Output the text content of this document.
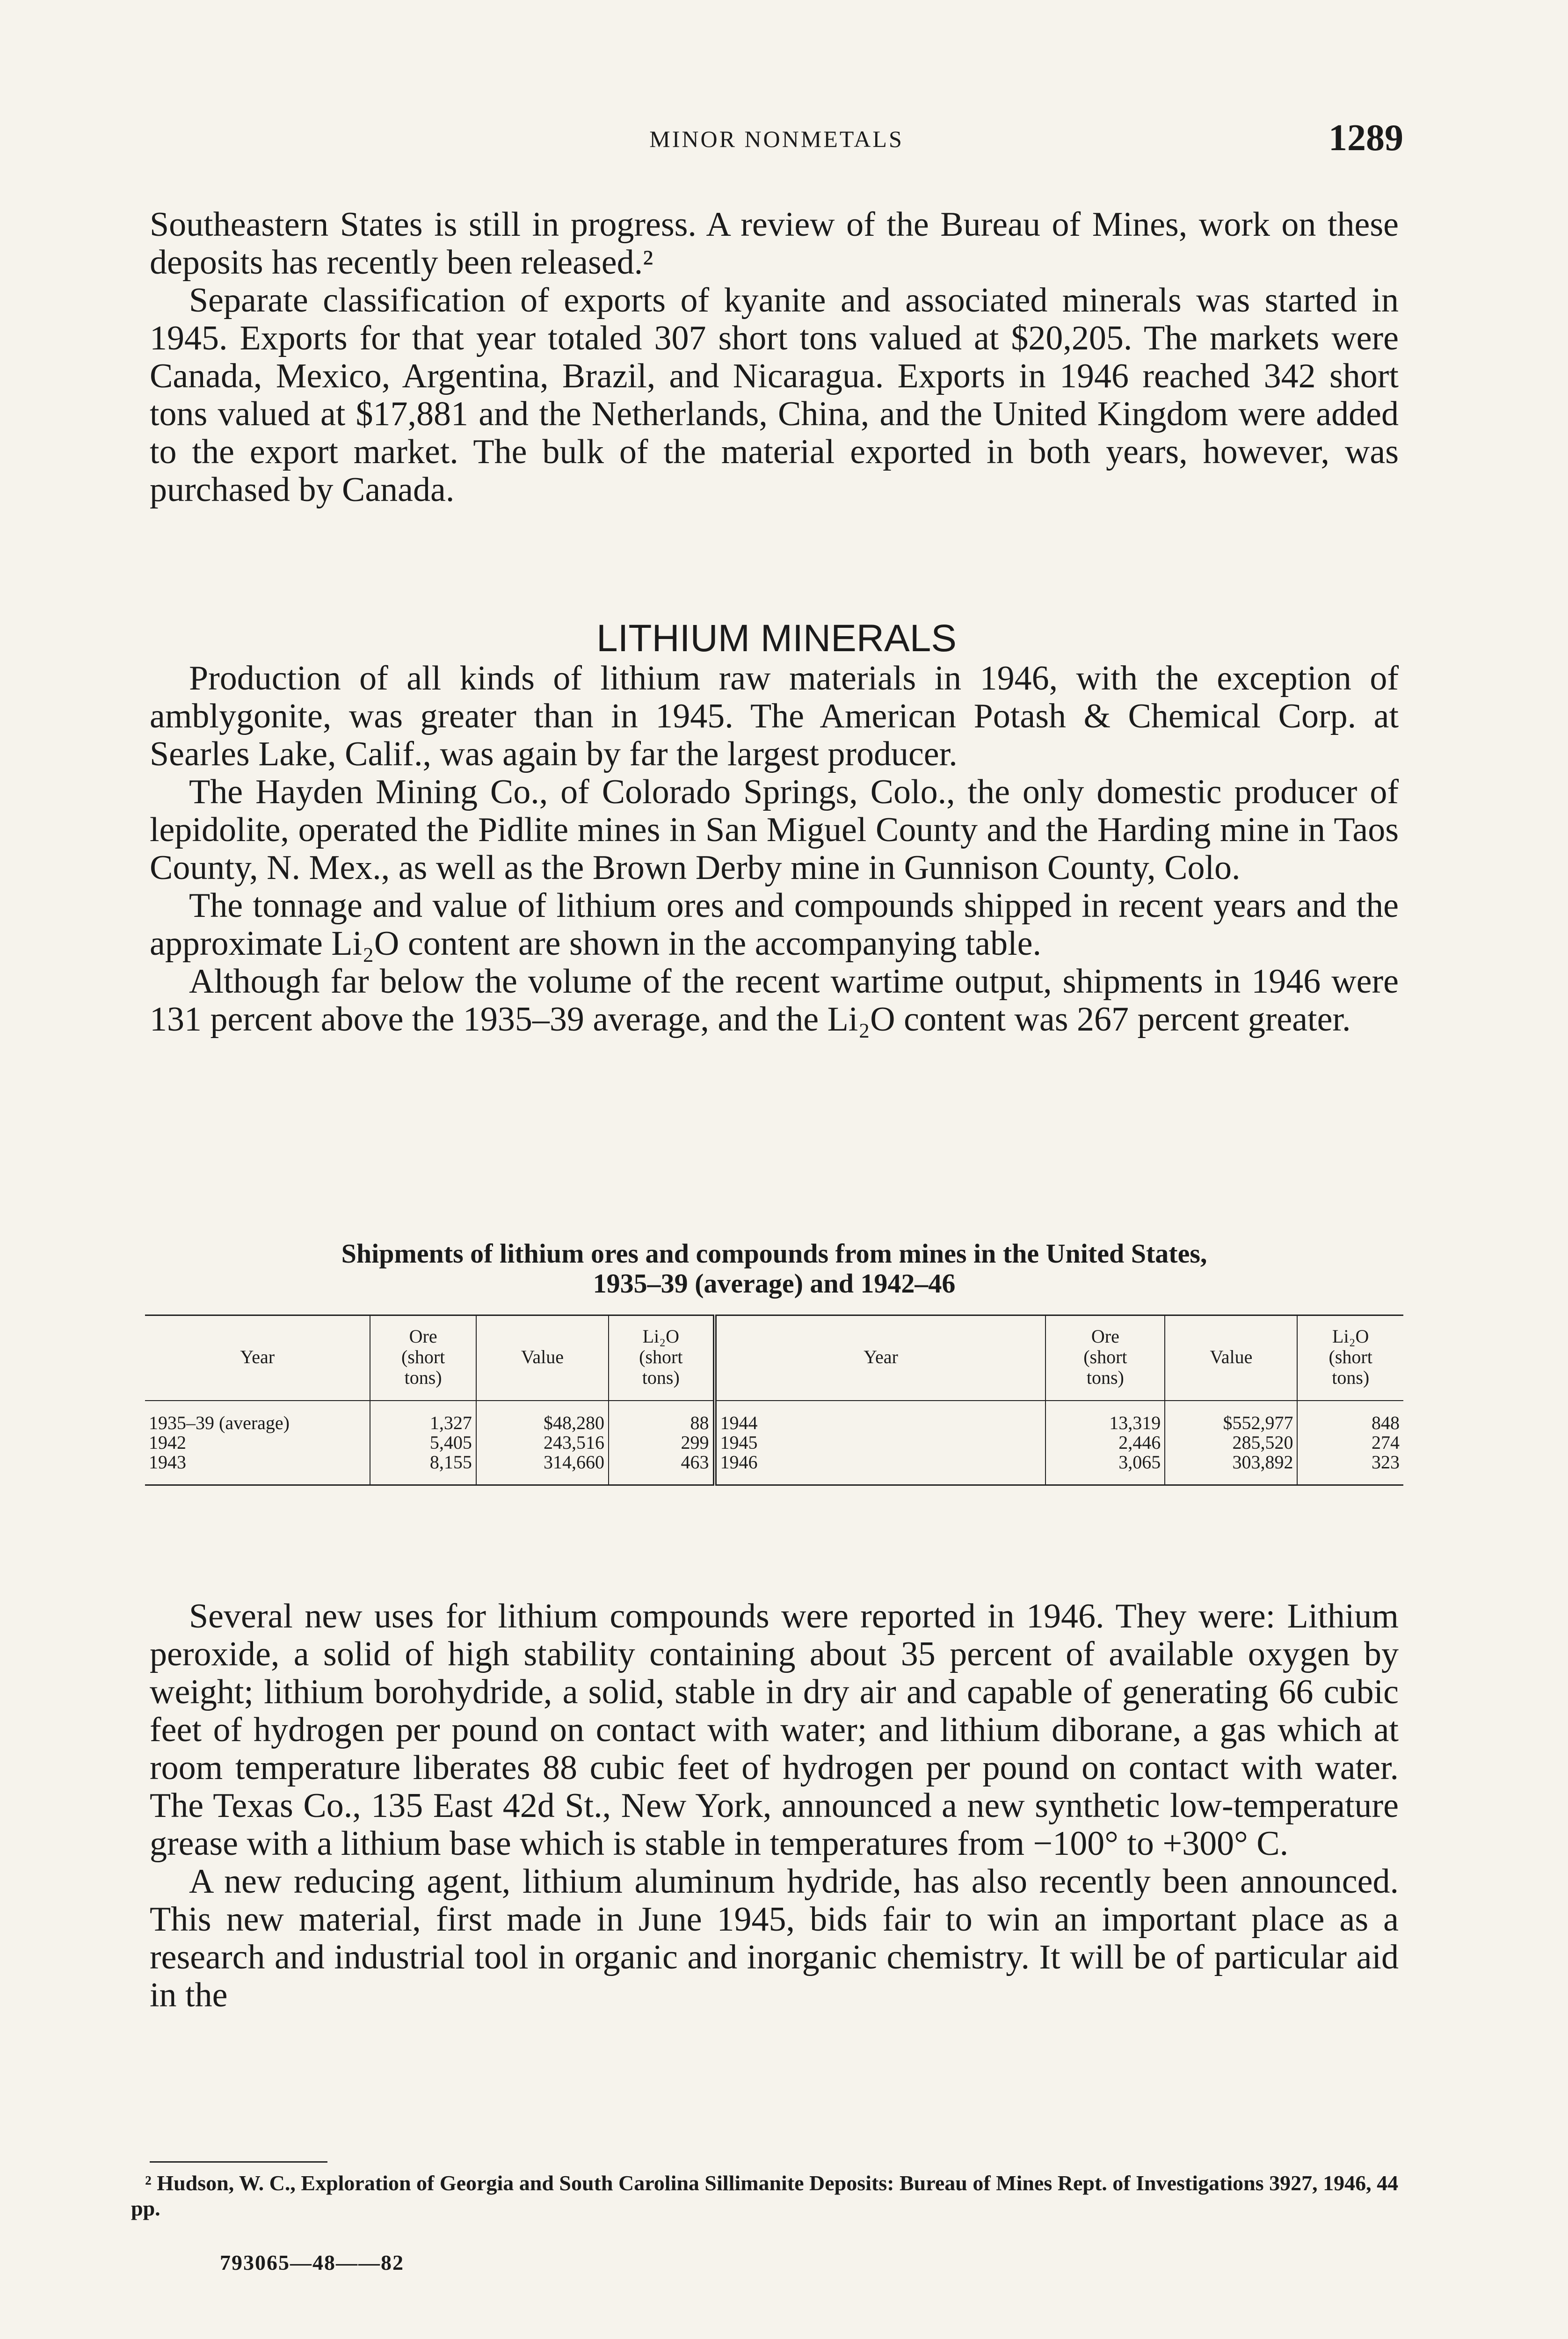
MINOR NONMETALS	1289

Southeastern States is still in progress. A review of the Bureau of Mines, work on these deposits has recently been released.²

Separate classification of exports of kyanite and associated minerals was started in 1945. Exports for that year totaled 307 short tons valued at $20,205. The markets were Canada, Mexico, Argentina, Brazil, and Nicaragua. Exports in 1946 reached 342 short tons valued at $17,881 and the Netherlands, China, and the United Kingdom were added to the export market. The bulk of the material exported in both years, however, was purchased by Canada.

LITHIUM MINERALS

Production of all kinds of lithium raw materials in 1946, with the exception of amblygonite, was greater than in 1945. The American Potash & Chemical Corp. at Searles Lake, Calif., was again by far the largest producer.

The Hayden Mining Co., of Colorado Springs, Colo., the only domestic producer of lepidolite, operated the Pidlite mines in San Miguel County and the Harding mine in Taos County, N. Mex., as well as the Brown Derby mine in Gunnison County, Colo.

The tonnage and value of lithium ores and compounds shipped in recent years and the approximate Li₂O content are shown in the accompanying table.

Although far below the volume of the recent wartime output, shipments in 1946 were 131 percent above the 1935–39 average, and the Li₂O content was 267 percent greater.

Shipments of lithium ores and compounds from mines in the United States,
1935–39 (average) and 1942–46
Year	Ore
(short
tons)	Value	Li₂O
(short
tons)	Year	Ore
(short
tons)	Value	Li₂O
(short
tons)
1935–39 (average)	1,327	$48,280	88	1944	13,319	$552,977	848
1942	5,405	243,516	299	1945	2,446	285,520	274
1943	8,155	314,660	463	1946	3,065	303,892	323

Several new uses for lithium compounds were reported in 1946. They were: Lithium peroxide, a solid of high stability containing about 35 percent of available oxygen by weight; lithium borohydride, a solid, stable in dry air and capable of generating 66 cubic feet of hydrogen per pound on contact with water; and lithium diborane, a gas which at room temperature liberates 88 cubic feet of hydrogen per pound on contact with water. The Texas Co., 135 East 42d St., New York, announced a new synthetic low-temperature grease with a lithium base which is stable in temperatures from −100° to +300° C.

A new reducing agent, lithium aluminum hydride, has also recently been announced. This new material, first made in June 1945, bids fair to win an important place as a research and industrial tool in organic and inorganic chemistry. It will be of particular aid in the

² Hudson, W. C., Exploration of Georgia and South Carolina Sillimanite Deposits: Bureau of Mines Rept. of Investigations 3927, 1946, 44 pp.
793065—48——82
